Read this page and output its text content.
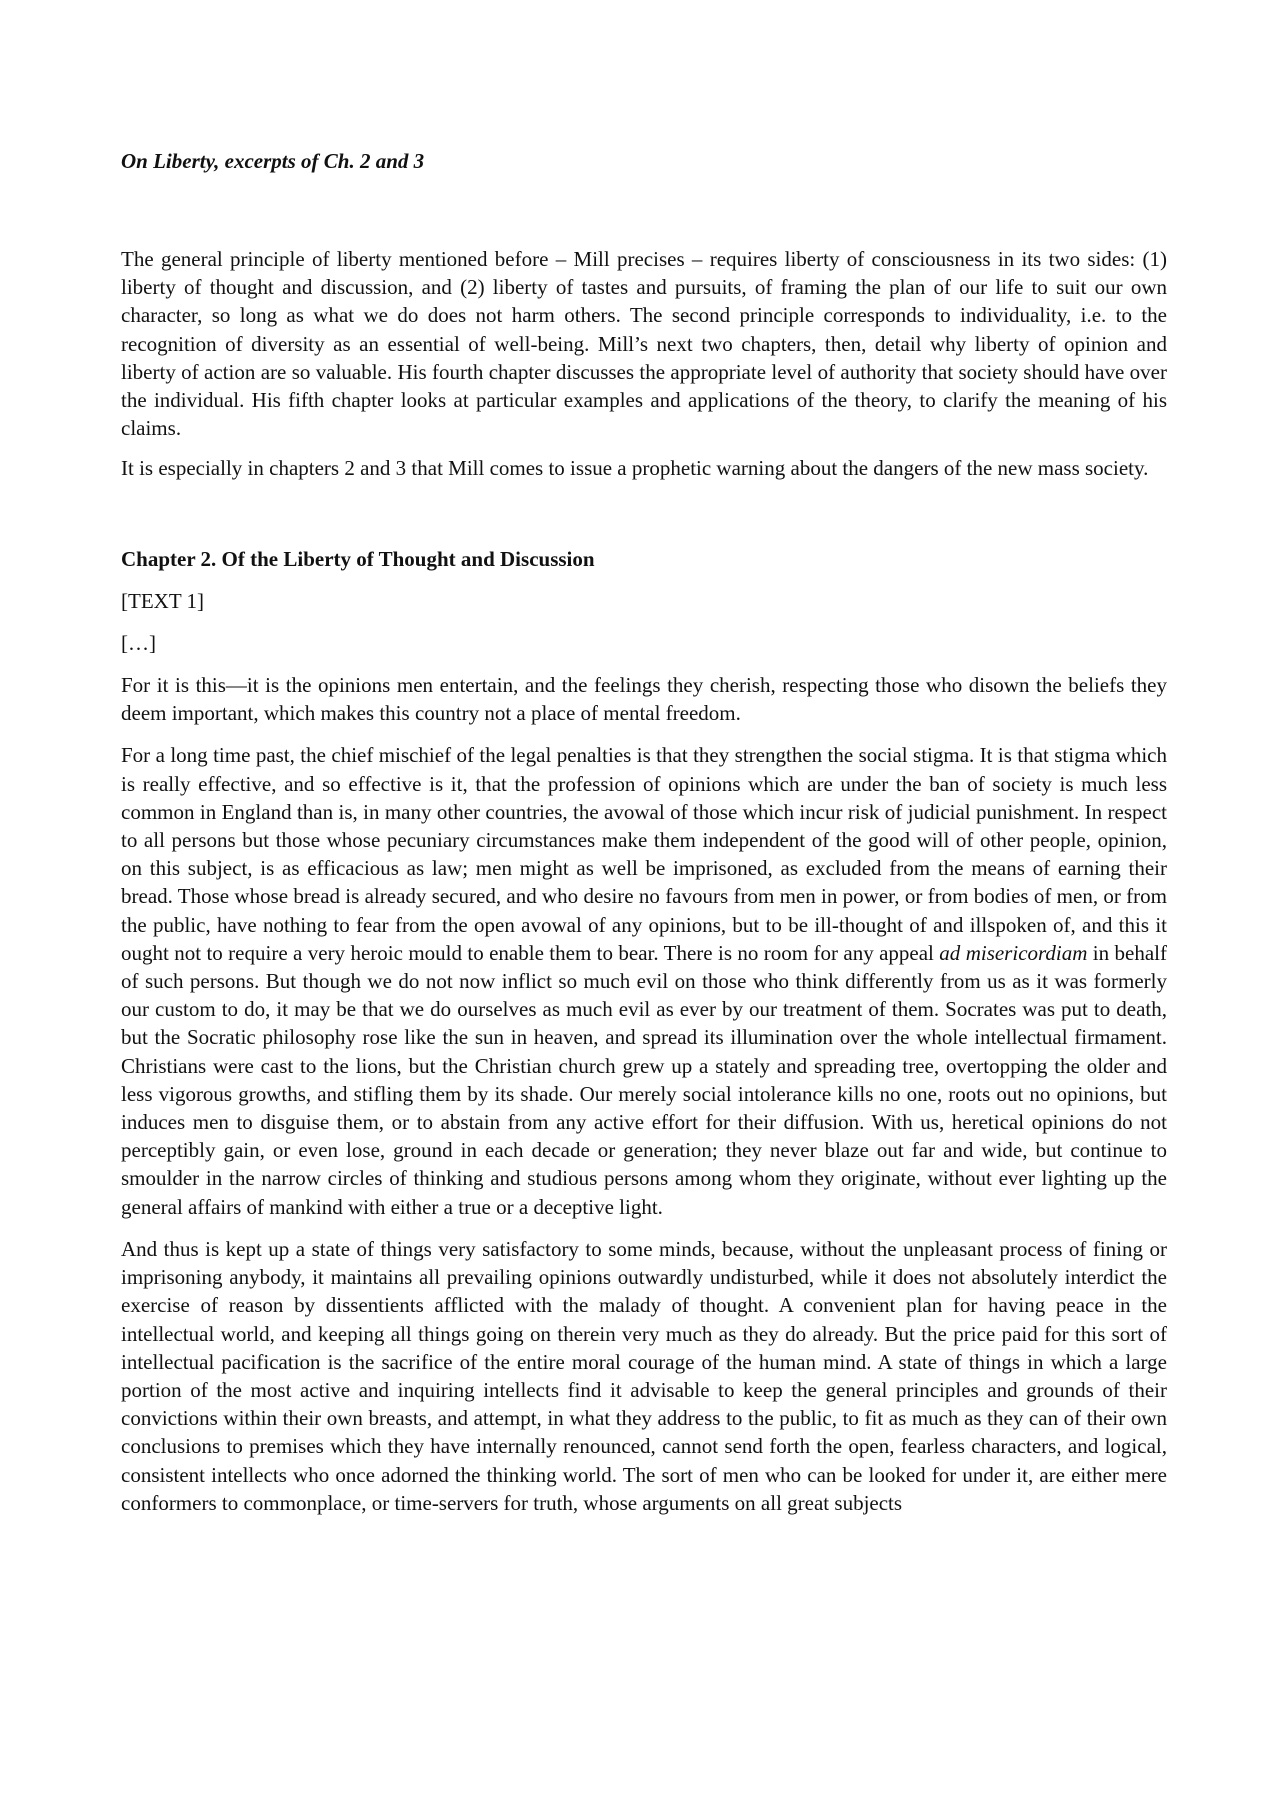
On Liberty, excerpts of Ch. 2 and 3

The general principle of liberty mentioned before – Mill precises – requires liberty of consciousness in its two sides: (1) liberty of thought and discussion, and (2) liberty of tastes and pursuits, of framing the plan of our life to suit our own character, so long as what we do does not harm others. The second principle corresponds to individuality, i.e. to the recognition of diversity as an essential of well-being. Mill’s next two chapters, then, detail why liberty of opinion and liberty of action are so valuable. His fourth chapter discusses the appropriate level of authority that society should have over the individual. His fifth chapter looks at particular examples and applications of the theory, to clarify the meaning of his claims.

It is especially in chapters 2 and 3 that Mill comes to issue a prophetic warning about the dangers of the new mass society.

Chapter 2. Of the Liberty of Thought and Discussion

[TEXT 1]

[…]

For it is this—it is the opinions men entertain, and the feelings they cherish, respecting those who disown the beliefs they deem important, which makes this country not a place of mental freedom.

For a long time past, the chief mischief of the legal penalties is that they strengthen the social stigma. It is that stigma which is really effective, and so effective is it, that the profession of opinions which are under the ban of society is much less common in England than is, in many other countries, the avowal of those which incur risk of judicial punishment. In respect to all persons but those whose pecuniary circumstances make them independent of the good will of other people, opinion, on this subject, is as efficacious as law; men might as well be imprisoned, as excluded from the means of earning their bread. Those whose bread is already secured, and who desire no favours from men in power, or from bodies of men, or from the public, have nothing to fear from the open avowal of any opinions, but to be ill-thought of and illspoken of, and this it ought not to require a very heroic mould to enable them to bear. There is no room for any appeal ad misericordiam in behalf of such persons. But though we do not now inflict so much evil on those who think differently from us as it was formerly our custom to do, it may be that we do ourselves as much evil as ever by our treatment of them. Socrates was put to death, but the Socratic philosophy rose like the sun in heaven, and spread its illumination over the whole intellectual firmament. Christians were cast to the lions, but the Christian church grew up a stately and spreading tree, overtopping the older and less vigorous growths, and stifling them by its shade. Our merely social intolerance kills no one, roots out no opinions, but induces men to disguise them, or to abstain from any active effort for their diffusion. With us, heretical opinions do not perceptibly gain, or even lose, ground in each decade or generation; they never blaze out far and wide, but continue to smoulder in the narrow circles of thinking and studious persons among whom they originate, without ever lighting up the general affairs of mankind with either a true or a deceptive light.

And thus is kept up a state of things very satisfactory to some minds, because, without the unpleasant process of fining or imprisoning anybody, it maintains all prevailing opinions outwardly undisturbed, while it does not absolutely interdict the exercise of reason by dissentients afflicted with the malady of thought. A convenient plan for having peace in the intellectual world, and keeping all things going on therein very much as they do already. But the price paid for this sort of intellectual pacification is the sacrifice of the entire moral courage of the human mind. A state of things in which a large portion of the most active and inquiring intellects find it advisable to keep the general principles and grounds of their convictions within their own breasts, and attempt, in what they address to the public, to fit as much as they can of their own conclusions to premises which they have internally renounced, cannot send forth the open, fearless characters, and logical, consistent intellects who once adorned the thinking world. The sort of men who can be looked for under it, are either mere conformers to commonplace, or time-servers for truth, whose arguments on all great subjects
